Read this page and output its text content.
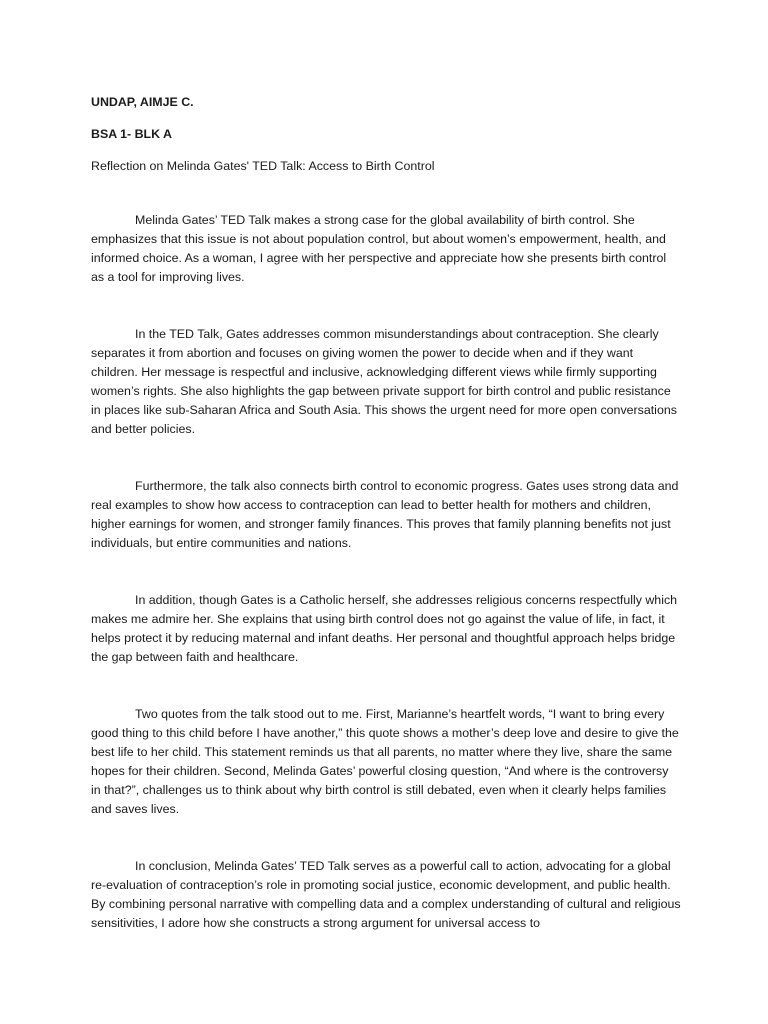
UNDAP, AIMJE C.

BSA 1- BLK A

Reflection on Melinda Gates' TED Talk: Access to Birth Control

Melinda Gates’ TED Talk makes a strong case for the global availability of birth control. She emphasizes that this issue is not about population control, but about women’s empowerment, health, and informed choice. As a woman, I agree with her perspective and appreciate how she presents birth control as a tool for improving lives.

In the TED Talk, Gates addresses common misunderstandings about contraception. She clearly separates it from abortion and focuses on giving women the power to decide when and if they want children. Her message is respectful and inclusive, acknowledging different views while firmly supporting women’s rights. She also highlights the gap between private support for birth control and public resistance in places like sub-Saharan Africa and South Asia. This shows the urgent need for more open conversations and better policies.

Furthermore, the talk also connects birth control to economic progress. Gates uses strong data and real examples to show how access to contraception can lead to better health for mothers and children, higher earnings for women, and stronger family finances. This proves that family planning benefits not just individuals, but entire communities and nations.

In addition, though Gates is a Catholic herself, she addresses religious concerns respectfully which makes me admire her. She explains that using birth control does not go against the value of life, in fact, it helps protect it by reducing maternal and infant deaths. Her personal and thoughtful approach helps bridge the gap between faith and healthcare.

Two quotes from the talk stood out to me. First, Marianne’s heartfelt words, “I want to bring every good thing to this child before I have another,” this quote shows a mother’s deep love and desire to give the best life to her child. This statement reminds us that all parents, no matter where they live, share the same hopes for their children. Second, Melinda Gates’ powerful closing question, “And where is the controversy in that?”, challenges us to think about why birth control is still debated, even when it clearly helps families and saves lives.

In conclusion, Melinda Gates’ TED Talk serves as a powerful call to action, advocating for a global re-evaluation of contraception’s role in promoting social justice, economic development, and public health. By combining personal narrative with compelling data and a complex understanding of cultural and religious sensitivities, I adore how she constructs a strong argument for universal access to
